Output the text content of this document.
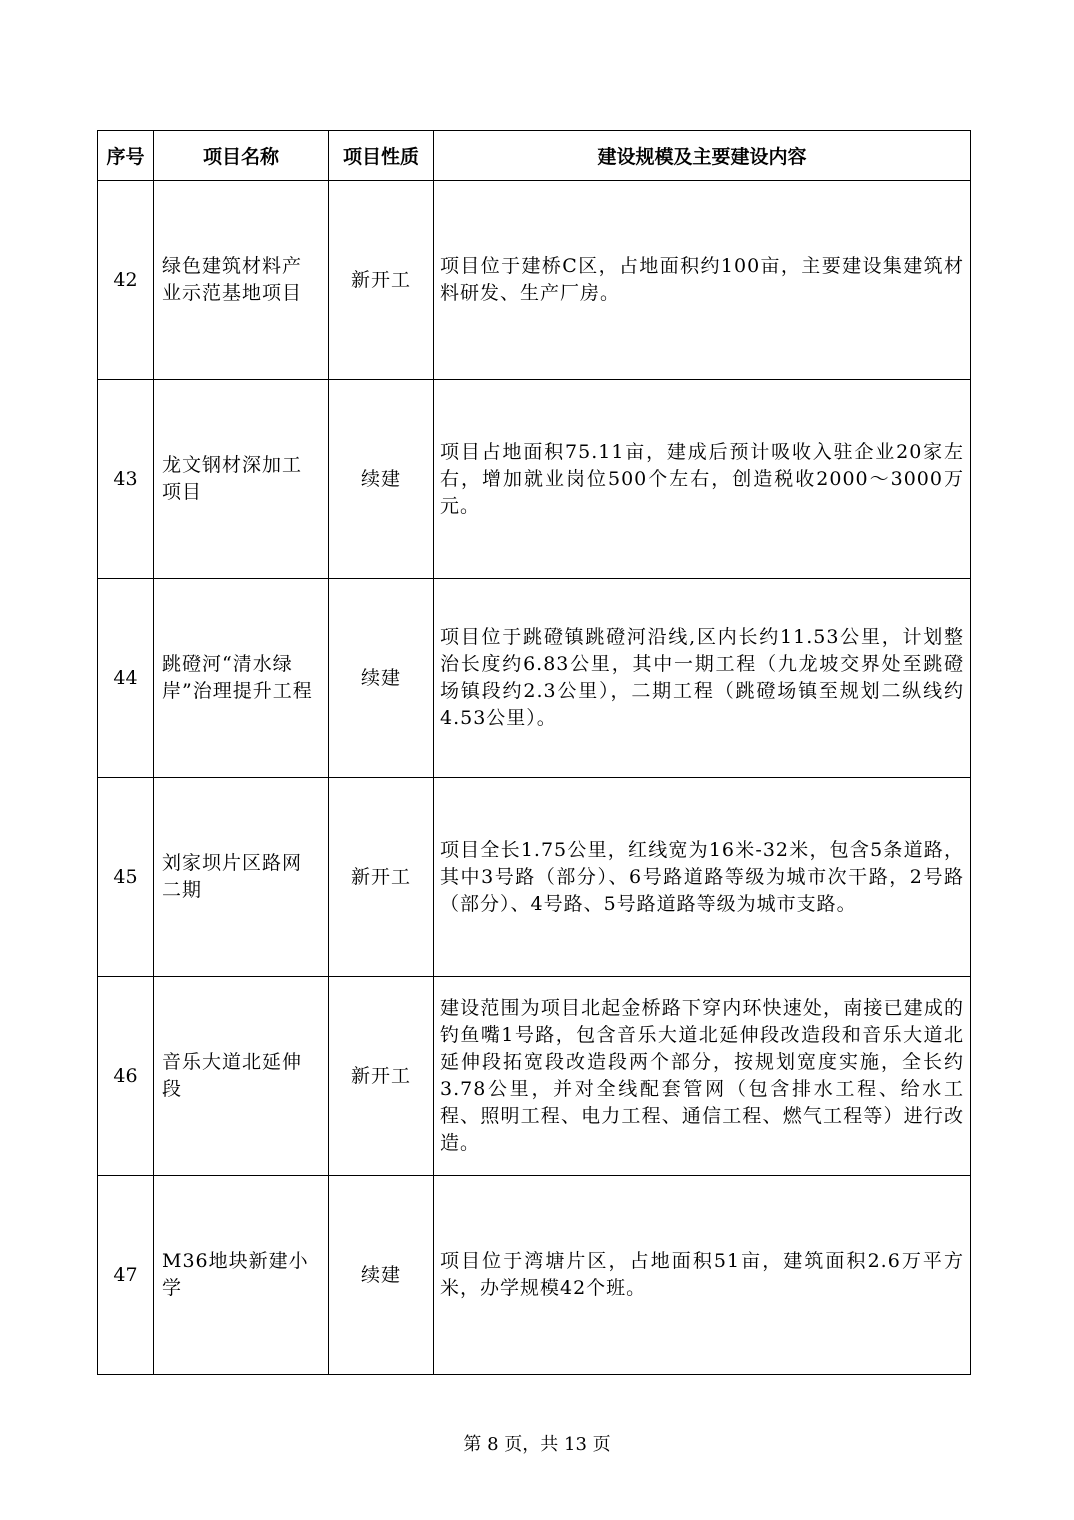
序号	项目名称	项目性质	建设规模及主要建设内容
42	绿色建筑材料产业示范基地项目	新开工	项目位于建桥C区，占地面积约100亩，主要建设集建筑材料研发、生产厂房。
43	龙文钢材深加工项目	续建	项目占地面积75.11亩，建成后预计吸收入驻企业20家左右，增加就业岗位500个左右，创造税收2000～3000万元。
44	跳磴河“清水绿岸”治理提升工程	续建	项目位于跳磴镇跳磴河沿线,区内长约11.53公里，计划整治长度约6.83公里，其中一期工程（九龙坡交界处至跳磴场镇段约2.3公里），二期工程（跳磴场镇至规划二纵线约4.53公里）。
45	刘家坝片区路网二期	新开工	项目全长1.75公里，红线宽为16米-32米，包含5条道路，其中3号路（部分）、6号路道路等级为城市次干路，2号路（部分）、4号路、5号路道路等级为城市支路。
46	音乐大道北延伸段	新开工	建设范围为项目北起金桥路下穿内环快速处，南接已建成的钓鱼嘴1号路，包含音乐大道北延伸段改造段和音乐大道北延伸段拓宽段改造段两个部分，按规划宽度实施，全长约3.78公里，并对全线配套管网（包含排水工程、给水工程、照明工程、电力工程、通信工程、燃气工程等）进行改造。
47	M36地块新建小学	续建	项目位于湾塘片区，占地面积51亩，建筑面积2.6万平方米，办学规模42个班。
第 8 页，共 13 页
